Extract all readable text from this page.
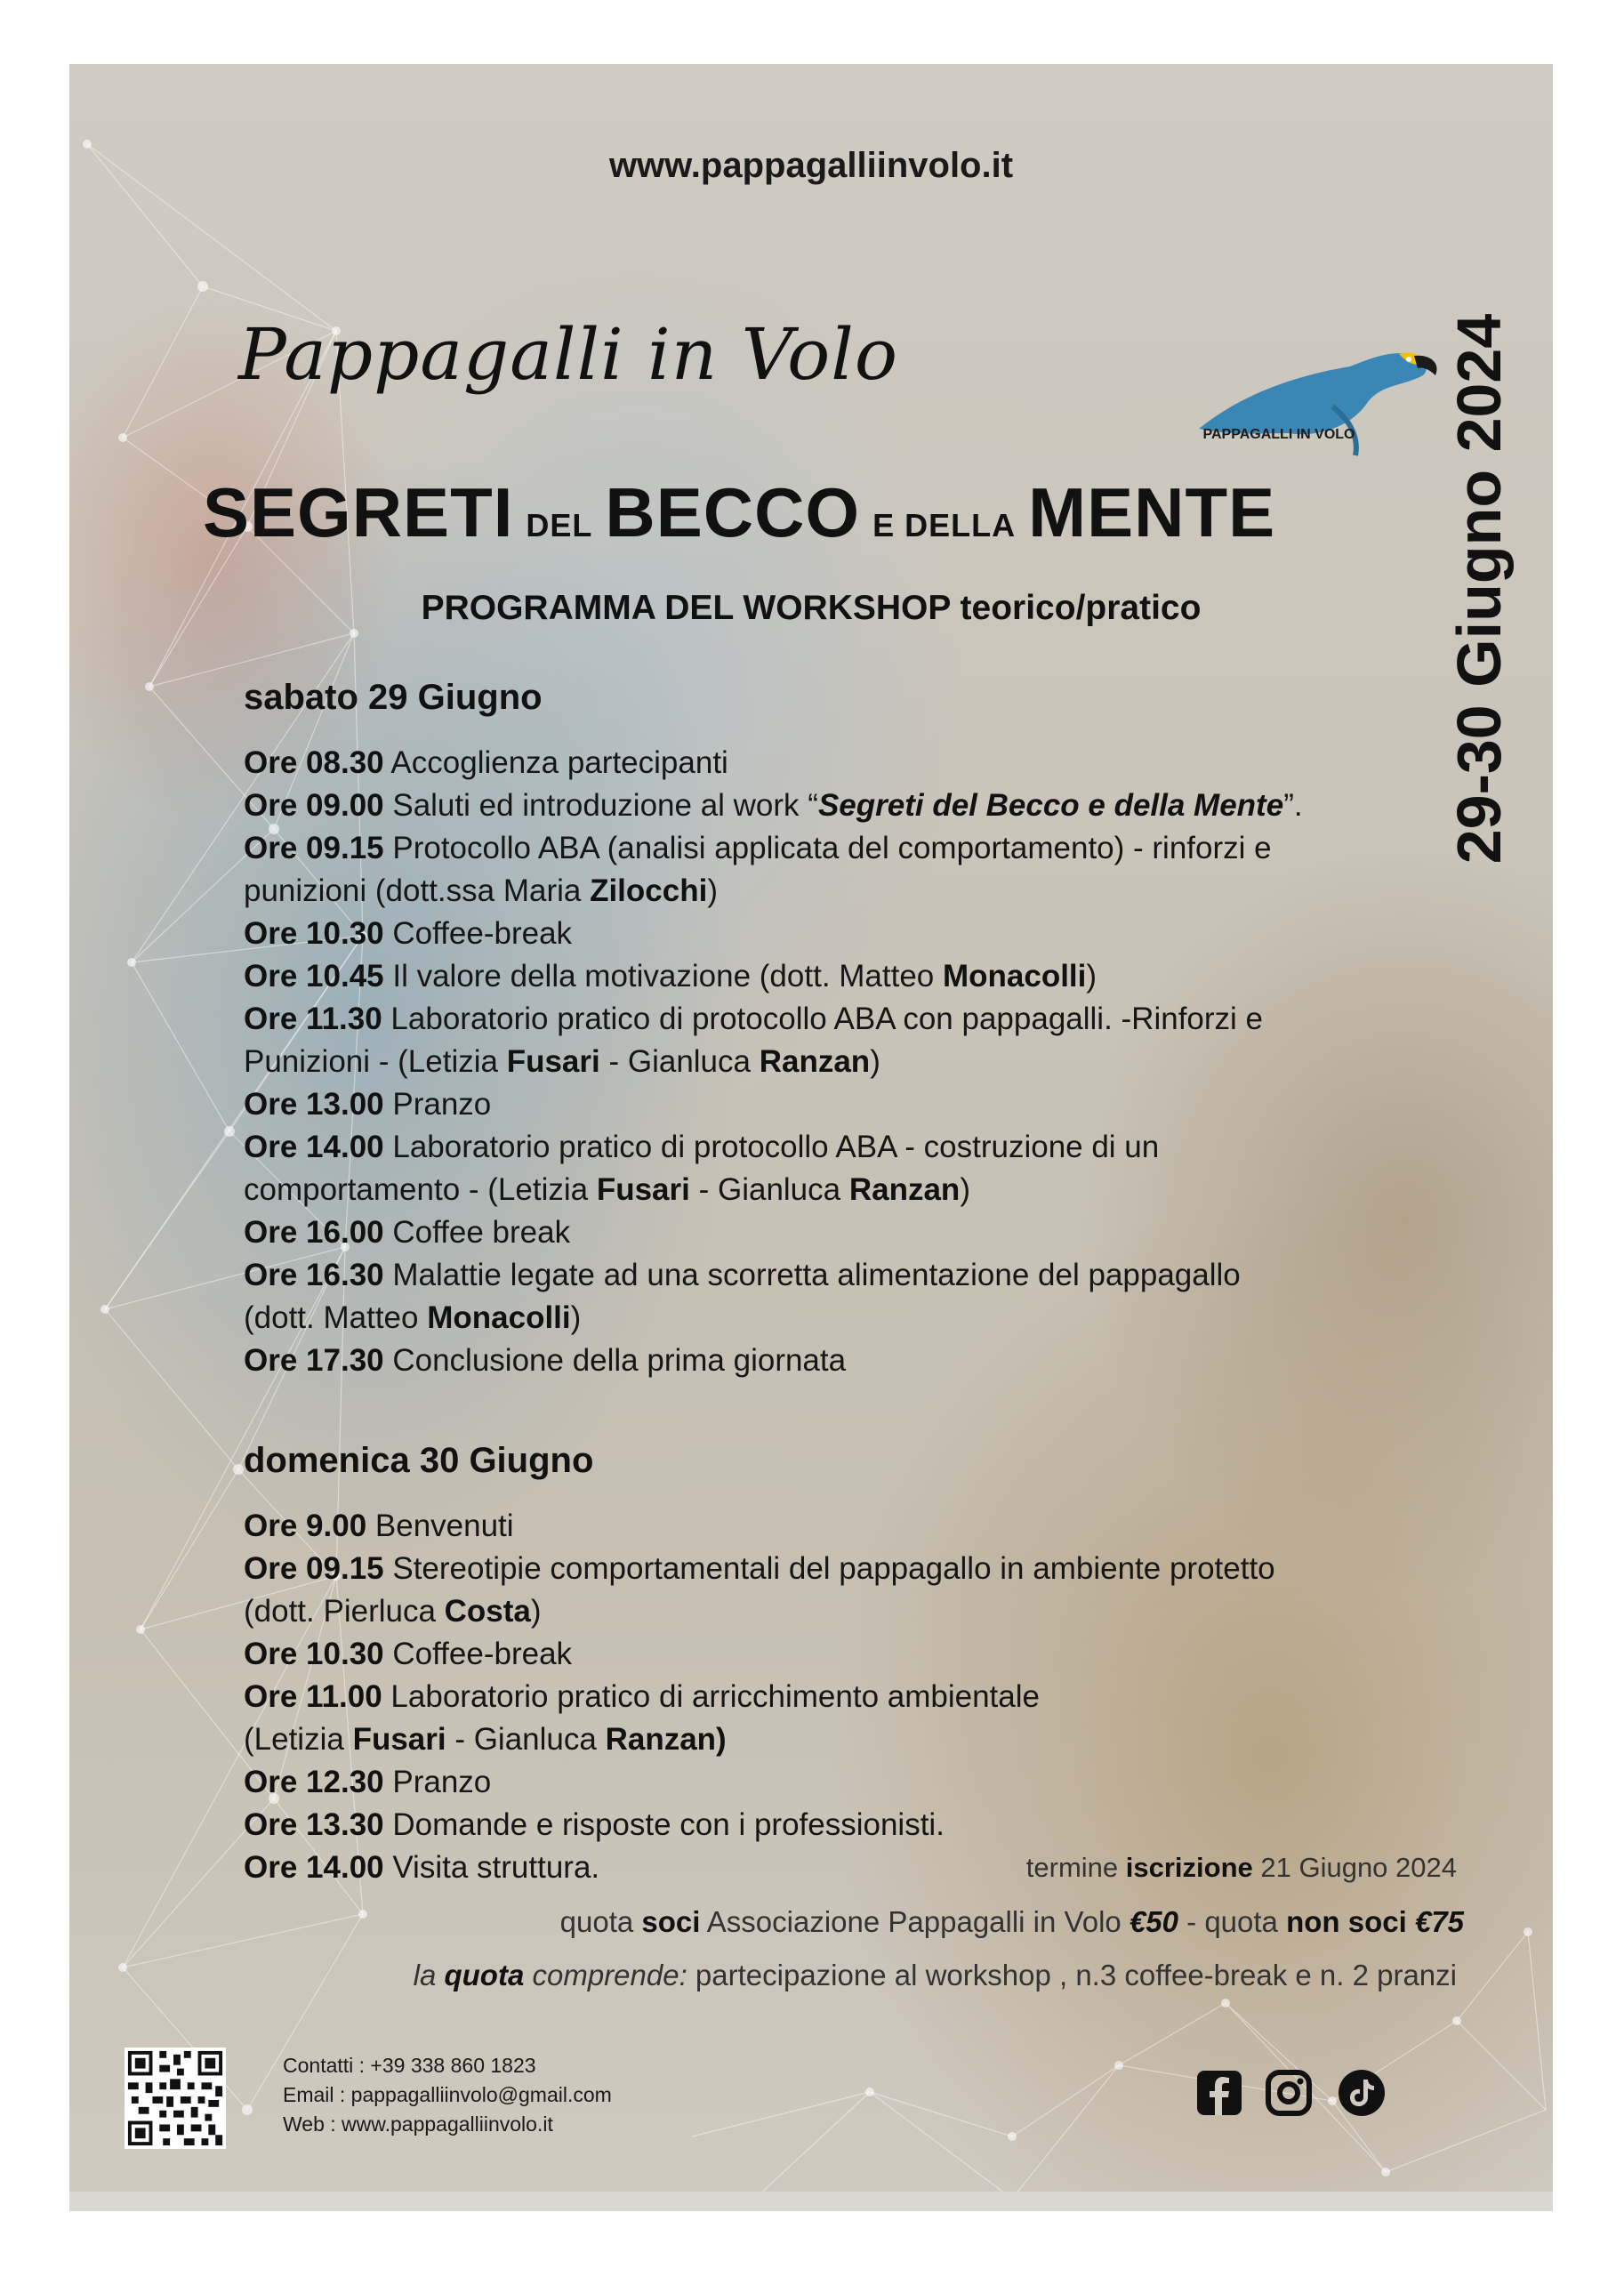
www.pappagalliinvolo.it
Pappagalli in Volo
PAPPAGALLI IN VOLO
SEGRETI DEL BECCO E DELLA MENTE
PROGRAMMA DEL WORKSHOP teorico/pratico	29-30 Giugno 2024
sabato 29 Giugno
Ore 08.30 Accoglienza partecipanti
Ore 09.00 Saluti ed introduzione al work “Segreti del Becco e della Mente”.
Ore 09.15 Protocollo ABA (analisi applicata del comportamento) - rinforzi e
punizioni (dott.ssa Maria Zilocchi)
Ore 10.30 Coffee-break
Ore 10.45 Il valore della motivazione (dott. Matteo Monacolli)
Ore 11.30 Laboratorio pratico di protocollo ABA con pappagalli. -Rinforzi e
Punizioni - (Letizia Fusari - Gianluca Ranzan)
Ore 13.00 Pranzo
Ore 14.00 Laboratorio pratico di protocollo ABA - costruzione di un
comportamento - (Letizia Fusari - Gianluca Ranzan)
Ore 16.00 Coffee break
Ore 16.30 Malattie legate ad una scorretta alimentazione del pappagallo
(dott. Matteo Monacolli)
Ore 17.30 Conclusione della prima giornata
domenica 30 Giugno
Ore 9.00 Benvenuti
Ore 09.15 Stereotipie comportamentali del pappagallo in ambiente protetto
(dott. Pierluca Costa)
Ore 10.30 Coffee-break
Ore 11.00 Laboratorio pratico di arricchimento ambientale
(Letizia Fusari - Gianluca Ranzan)
Ore 12.30 Pranzo
Ore 13.30 Domande e risposte con i professionisti.
Ore 14.00 Visita struttura.	termine iscrizione 21 Giugno 2024
quota soci Associazione Pappagalli in Volo €50 - quota non soci €75
la quota comprende: partecipazione al workshop , n.3 coffee-break e n. 2 pranzi
Contatti : +39 338 860 1823
Email : pappagalliinvolo@gmail.com
Web : www.pappagalliinvolo.it
